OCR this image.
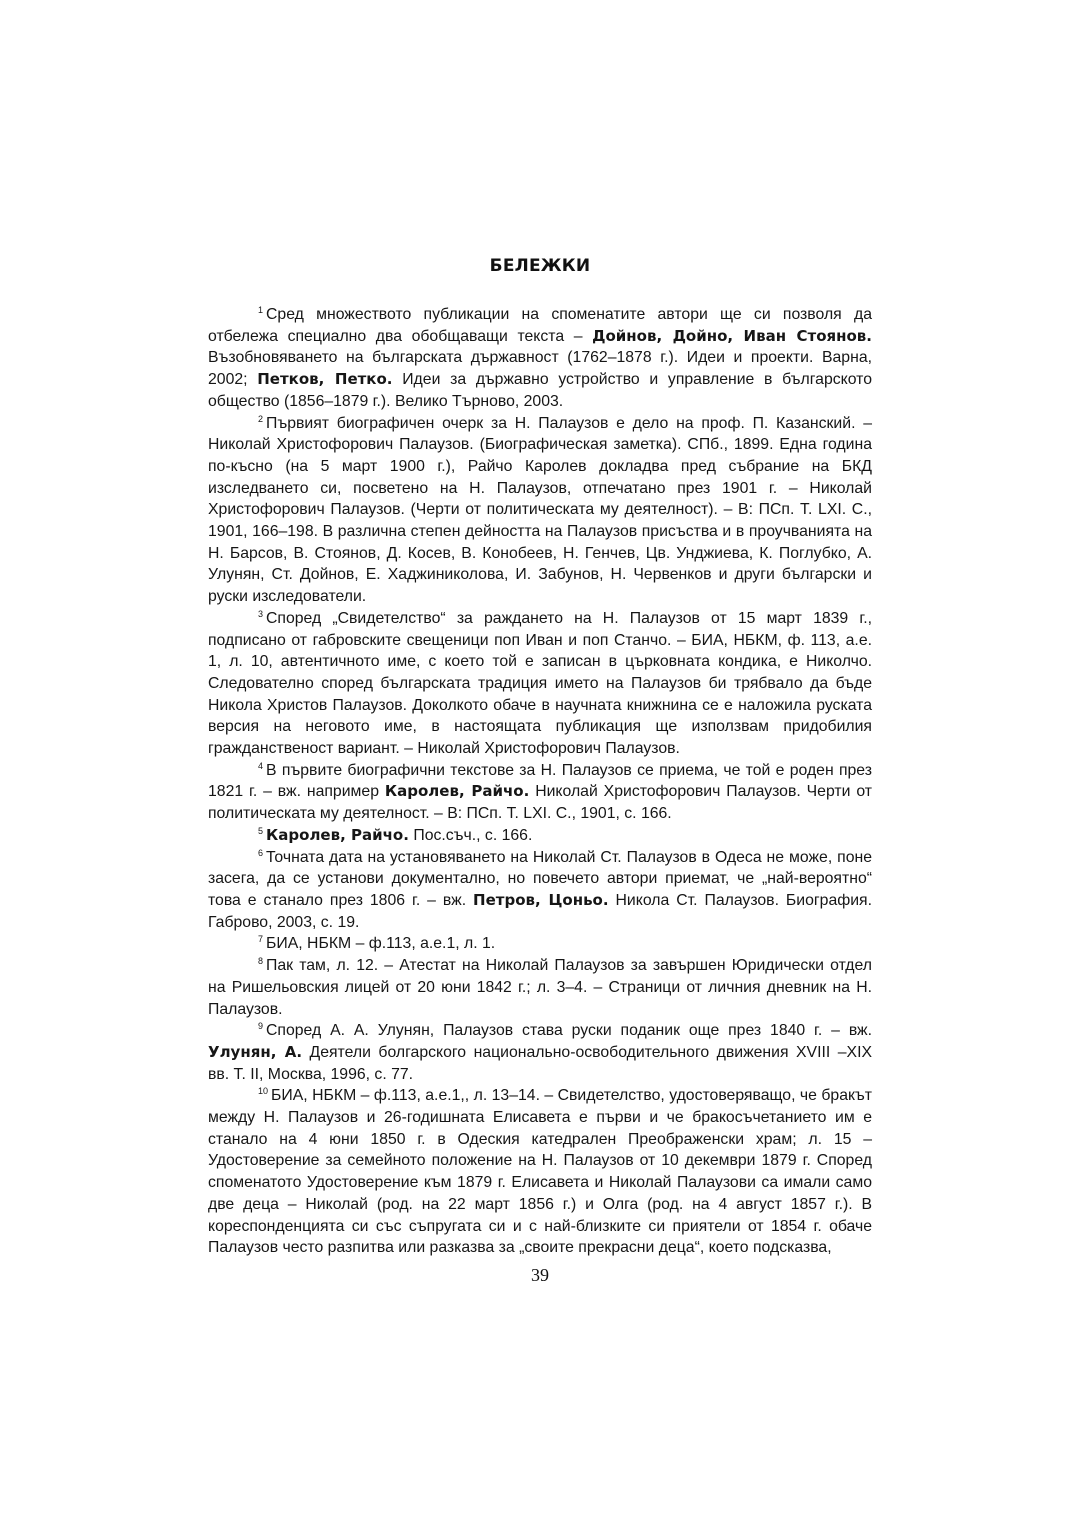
БЕЛЕЖКИ

$^1$ Сред множеството публикации на споменатите автори ще си позволя да отбележа специално два обобщаващи текста – Дойнов, Дойно, Иван Стоянов. Възобновяването на българската държавност (1762–1878 г.). Идеи и проекти. Варна, 2002; Петков, Петко. Идеи за държавно устройство и управление в българското общество (1856–1879 г.). Велико Търново, 2003.

$^2$ Първият биографичен очерк за Н. Палаузов е дело на проф. П. Казанский. – Николай Христофорович Палаузов. (Биографическая заметка). СПб., 1899. Една година по-късно (на 5 март 1900 г.), Райчо Каролев докладва пред събрание на БКД изследването си, посветено на Н. Палаузов, отпечатано през 1901 г. – Николай Христофорович Палаузов. (Черти от политическата му деятелност). – В: ПСп. Т. LXI. С., 1901, 166–198. В различна степен дейността на Палаузов присъства и в проучванията на Н. Барсов, В. Стоянов, Д. Косев, В. Конобеев, Н. Генчев, Цв. Унджиева, К. Поглубко, А. Улунян, Ст. Дойнов, Е. Хаджиниколова, И. Забунов, Н. Червенков и други български и руски изследователи.

$^3$ Според „Свидетелство“ за раждането на Н. Палаузов от 15 март 1839 г., подписано от габровските свещеници поп Иван и поп Станчо. – БИА, НБКМ, ф. 113, а.е. 1, л. 10, автентичното име, с което той е записан в църковната кондика, е Николчо. Следователно според българската традиция името на Палаузов би трябвало да бъде Никола Христов Палаузов. Доколкото обаче в научната книжнина се е наложила руската версия на неговото име, в настоящата публикация ще използвам придобилия гражданственост вариант. – Николай Христофорович Палаузов.

$^4$ В първите биографични текстове за Н. Палаузов се приема, че той е роден през 1821 г. – вж. например Каролев, Райчо. Николай Христофорович Палаузов. Черти от политическата му деятелност. – В: ПСп. Т. LXI. С., 1901, с. 166.

$^5$ Каролев, Райчо. Пос.съч., с. 166.

$^6$ Точната дата на установяването на Николай Ст. Палаузов в Одеса не може, поне засега, да се установи документално, но повечето автори приемат, че „най-вероятно“ това е станало през 1806 г. – вж. Петров, Цоньо. Никола Ст. Палаузов. Биография. Габрово, 2003, с. 19.

$^7$ БИА, НБКМ – ф.113, а.е.1, л. 1.

$^8$ Пак там, л. 12. – Атестат на Николай Палаузов за завършен Юридически отдел на Ришельовския лицей от 20 юни 1842 г.; л. 3–4. – Страници от личния дневник на Н. Палаузов.

$^9$ Според А. А. Улунян, Палаузов става руски поданик още през 1840 г. – вж. Улунян, А. Деятели болгарского национально-освободительного движения XVIII –XIX вв. Т. II, Москва, 1996, с. 77.

$^{10}$ БИА, НБКМ – ф.113, а.е.1,, л. 13–14. – Свидетелство, удостоверяващо, че бракът между Н. Палаузов и 26-годишната Елисавета е първи и че бракосъчетанието им е станало на 4 юни 1850 г. в Одеския катедрален Преображенски храм; л. 15 – Удостоверение за семейното положение на Н. Палаузов от 10 декември 1879 г. Според споменатото Удостоверение към 1879 г. Елисавета и Николай Палаузови са имали само две деца – Николай (род. на 22 март 1856 г.) и Олга (род. на 4 август 1857 г.). В кореспонденцията си със съпругата си и с най-близките си приятели от 1854 г. обаче Палаузов често разпитва или разказва за „своите прекрасни деца“, което подсказва,

39
